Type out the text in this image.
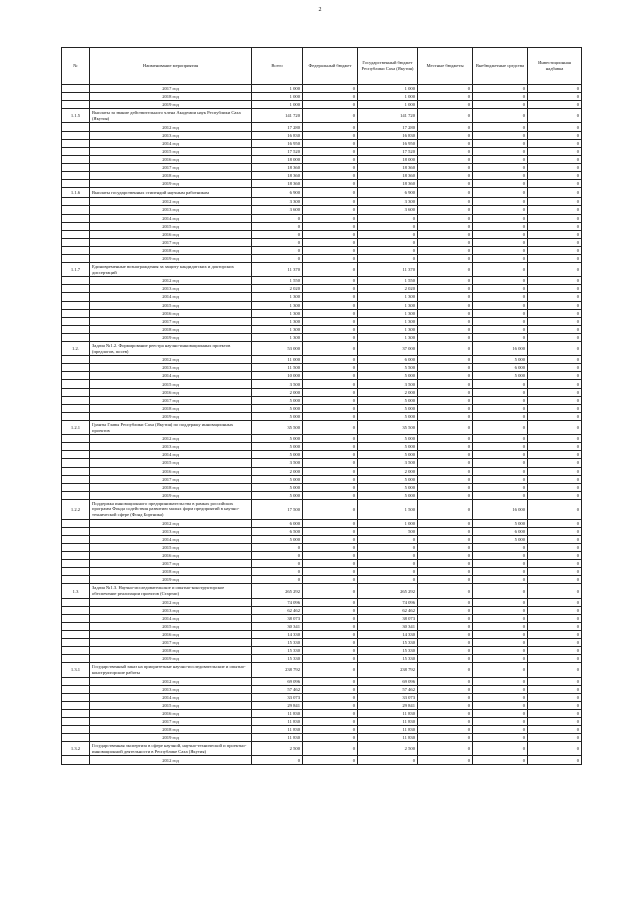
2
№	Наименование мероприятия	Всего	Федеральный бюджет	Государственный бюджет Республики Саха (Якутия)	Местные бюджеты	Внебюджетные средства	Инвестиционная надбавка
	2017 год	1 000	0	1 000	0	0	0
	2018 год	1 000	0	1 000	0	0	0
	2019 год	1 000	0	1 000	0	0	0
1.1.5	Выплаты за звание действительного члена Академии наук Республики Саха (Якутия)	141 720	0	141 720	0	0	0
	2012 год	17 280	0	17 280	0	0	0
	2013 год	16 830	0	16 830	0	0	0
	2014 год	16 950	0	16 950	0	0	0
	2015 год	17 520	0	17 520	0	0	0
	2016 год	18 000	0	18 000	0	0	0
	2017 год	18 360	0	18 360	0	0	0
	2018 год	18 360	0	18 360	0	0	0
	2019 год	18 360	0	18 360	0	0	0
1.1.6	Выплаты государственных стипендий научным работникам	6 900	0	6 900	0	0	0
	2012 год	3 300	0	3 300	0	0	0
	2013 год	3 600	0	3 600	0	0	0
	2014 год	0	0	0	0	0	0
	2015 год	0	0	0	0	0	0
	2016 год	0	0	0	0	0	0
	2017 год	0	0	0	0	0	0
	2018 год	0	0	0	0	0	0
	2019 год	0	0	0	0	0	0
1.1.7	Единовременные вознаграждения за защиту кандидатских и докторских диссертаций	11 370	0	11 370	0	0	0
	2012 год	1 550	0	1 550	0	0	0
	2013 год	2 020	0	2 020	0	0	0
	2014 год	1 300	0	1 300	0	0	0
	2015 год	1 300	0	1 300	0	0	0
	2016 год	1 300	0	1 300	0	0	0
	2017 год	1 300	0	1 300	0	0	0
	2018 год	1 300	0	1 300	0	0	0
	2019 год	1 300	0	1 300	0	0	0
1.2.	Задача №1.2. Формирование реестра научно-инновационных проектов (предлогов, посев)	53 000	0	37 000	0	16 000	0
	2012 год	11 000	0	6 000	0	5 000	0
	2013 год	11 500	0	5 500	0	6 000	0
	2014 год	10 000	0	5 000	0	5 000	0
	2015 год	3 500	0	3 500	0	0	0
	2016 год	2 000	0	2 000	0	0	0
	2017 год	5 000	0	5 000	0	0	0
	2018 год	5 000	0	5 000	0	0	0
	2019 год	5 000	0	5 000	0	0	0
1.2.1	Гранты Главы Республики Саха (Якутия) по поддержку инновационных проектов	35 500	0	35 500	0	0	0
	2012 год	5 000	0	5 000	0	0	0
	2013 год	5 000	0	5 000	0	0	0
	2014 год	5 000	0	5 000	0	0	0
	2015 год	3 500	0	3 500	0	0	0
	2016 год	2 000	0	2 000	0	0	0
	2017 год	5 000	0	5 000	0	0	0
	2018 год	5 000	0	5 000	0	0	0
	2019 год	5 000	0	5 000	0	0	0
1.2.2	Поддержка инновационного предпринимательства в рамках российских программ Фонда содействия развитию малых форм предприятий в научно-технической сфере (Фонд Бортника)	17 500	0	1 500	0	16 000	0
	2012 год	6 000	0	1 000	0	5 000	0
	2013 год	6 500	0	500	0	6 000	0
	2014 год	5 000	0	0	0	5 000	0
	2015 год	0	0	0	0	0	0
	2016 год	0	0	0	0	0	0
	2017 год	0	0	0	0	0	0
	2018 год	0	0	0	0	0	0
	2019 год	0	0	0	0	0	0
1.3	Задача №1.3. Научно-исследовательское и опытно-конструкторское обеспечение реализации проектов (Стартап)	265 292	0	265 292	0	0	0
	2012 год	74 096	0	74 096	0	0	0
	2013 год	62 462	0	62 462	0	0	0
	2014 год	38 073	0	38 073	0	0	0
	2015 год	30 341	0	30 341	0	0	0
	2016 год	14 330	0	14 330	0	0	0
	2017 год	15 330	0	15 330	0	0	0
	2018 год	15 330	0	15 330	0	0	0
	2019 год	15 330	0	15 330	0	0	0
1.3.1	Государственный заказ на приоритетные научно-исследовательские и опытно-конструкторские работы	238 792	0	238 792	0	0	0
	2012 год	69 096	0	69 096	0	0	0
	2013 год	57 462	0	57 462	0	0	0
	2014 год	33 073	0	33 073	0	0	0
	2015 год	29 841	0	29 841	0	0	0
	2016 год	11 830	0	11 830	0	0	0
	2017 год	11 830	0	11 830	0	0	0
	2018 год	11 830	0	11 830	0	0	0
	2019 год	11 830	0	11 830	0	0	0
1.3.2	Государственная экспертиза в сфере научной, научно-технической и проектно-инновационной деятельности в Республике Саха (Якутия)	2 500	0	2 500	0	0	0
	2012 год	0	0	0	0	0	0
